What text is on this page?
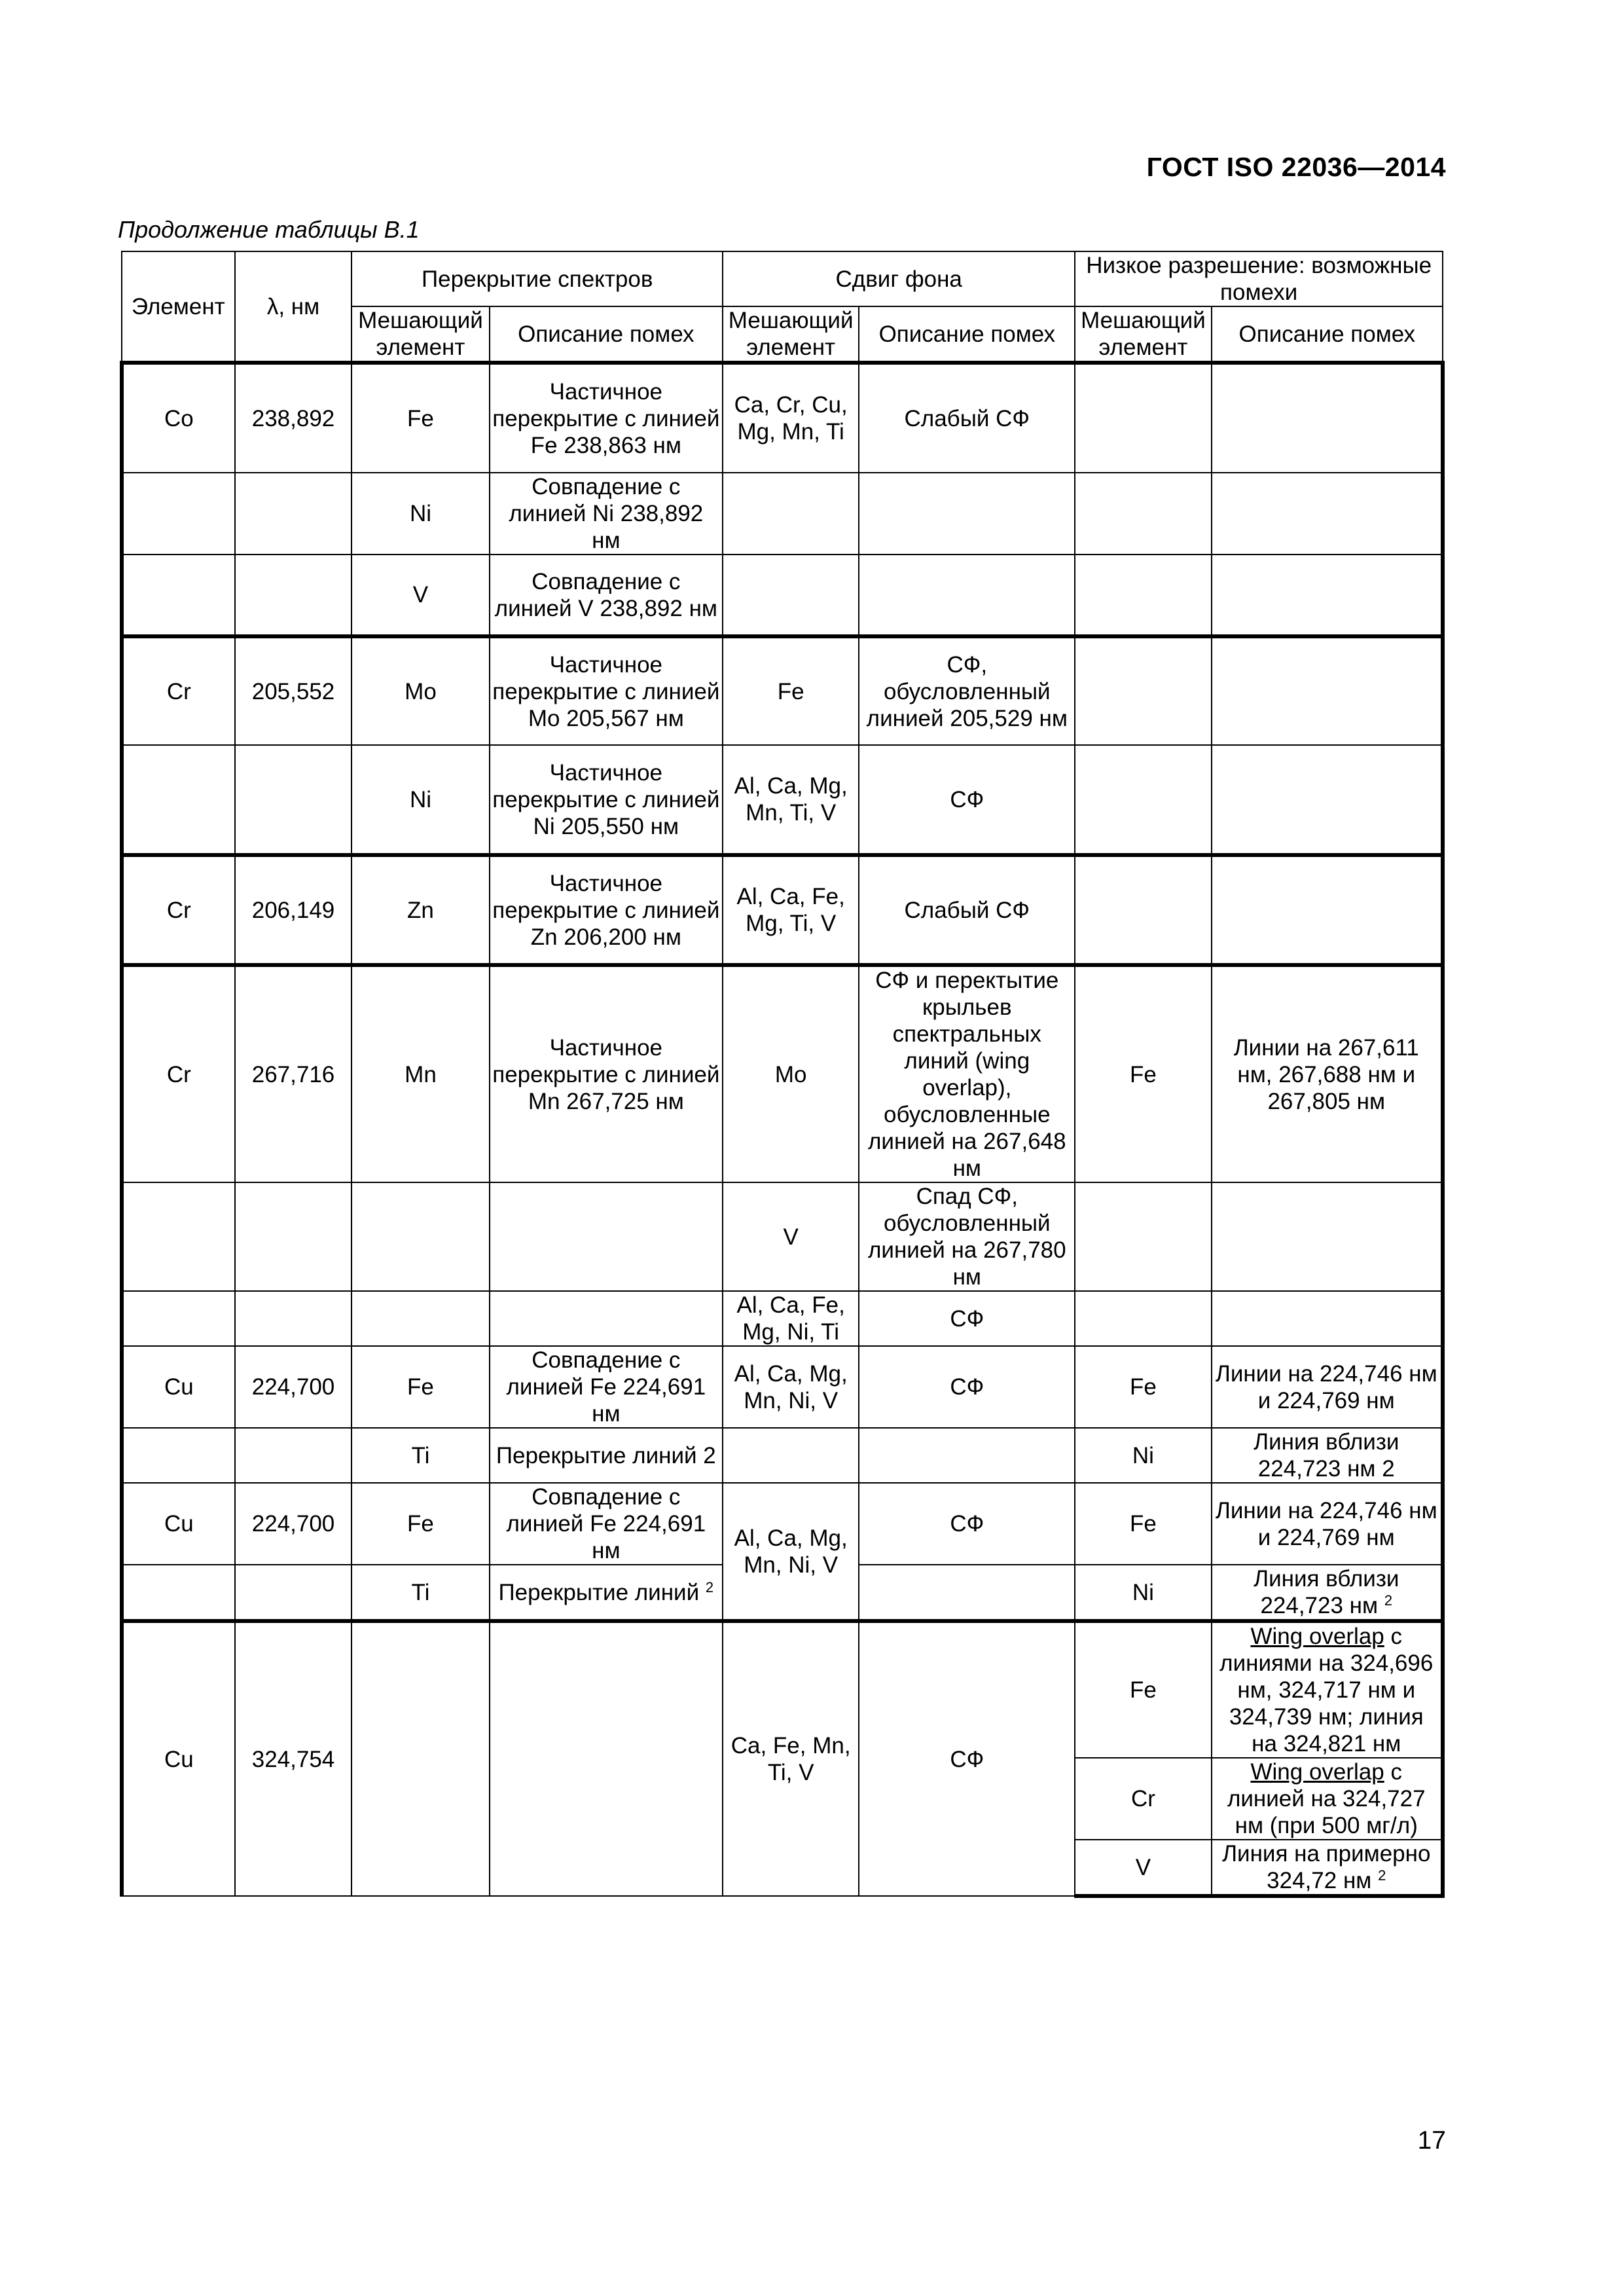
ГОСТ ISO 22036—2014
Продолжение таблицы В.1
Элемент	λ, нм	Перекрытие спектров		Сдвиг фона		Низкое разрешение: возможные помехи	
		Мешающий элемент	Описание помех	Мешающий элемент	Описание помех	Мешающий элемент	Описание помех
Co	238,892	Fe	Частичное перекрытие с линией Fe 238,863 нм	Ca, Cr, Cu, Mg, Mn, Ti	Слабый СФ		
		Ni	Совпадение с линией Ni 238,892 нм				
		V	Совпадение с линией V 238,892 нм				
Cr	205,552	Mo	Частичное перекрытие с линией Mo 205,567 нм	Fe	СФ, обусловленный линией 205,529 нм		
		Ni	Частичное перекрытие с линией Ni 205,550 нм	Al, Ca, Mg, Mn, Ti, V	СФ		
Cr	206,149	Zn	Частичное перекрытие с линией Zn 206,200 нм	Al, Ca, Fe, Mg, Ti, V	Слабый СФ		
Cr	267,716	Mn	Частичное перекрытие с линией Mn 267,725 нм	Mo	СФ и перектытие крыльев спектральных линий (wing overlap), обусловленные линией на 267,648 нм	Fe	Линии на 267,611 нм, 267,688 нм и 267,805 нм
				V	Спад СФ, обусловленный линией на 267,780 нм		
				Al, Ca, Fe, Mg, Ni, Ti	СФ		
Cu	224,700	Fe	Совпадение с линией Fe 224,691 нм	Al, Ca, Mg, Mn, Ni, V	СФ	Fe	Линии на 224,746 нм и 224,769 нм
		Ti	Перекрытие линий 2			Ni	Линия вблизи 224,723 нм 2
Cu	224,700	Fe	Совпадение с линией Fe 224,691 нм	Al, Ca, Mg, Mn, Ni, V	СФ	Fe	Линии на 224,746 нм и 224,769 нм
		Ti	Перекрытие линий $^2$			Ni	Линия вблизи 224,723 нм $^2$
Cu	324,754			Ca, Fe, Mn, Ti, V	СФ	Fe	Wing overlap с линиями на 324,696 нм, 324,717 нм и 324,739 нм; линия на 324,821 нм
						Cr	Wing overlap с линией на 324,727 нм (при 500 мг/л)
						V	Линия на примерно 324,72 нм $^2$
17
